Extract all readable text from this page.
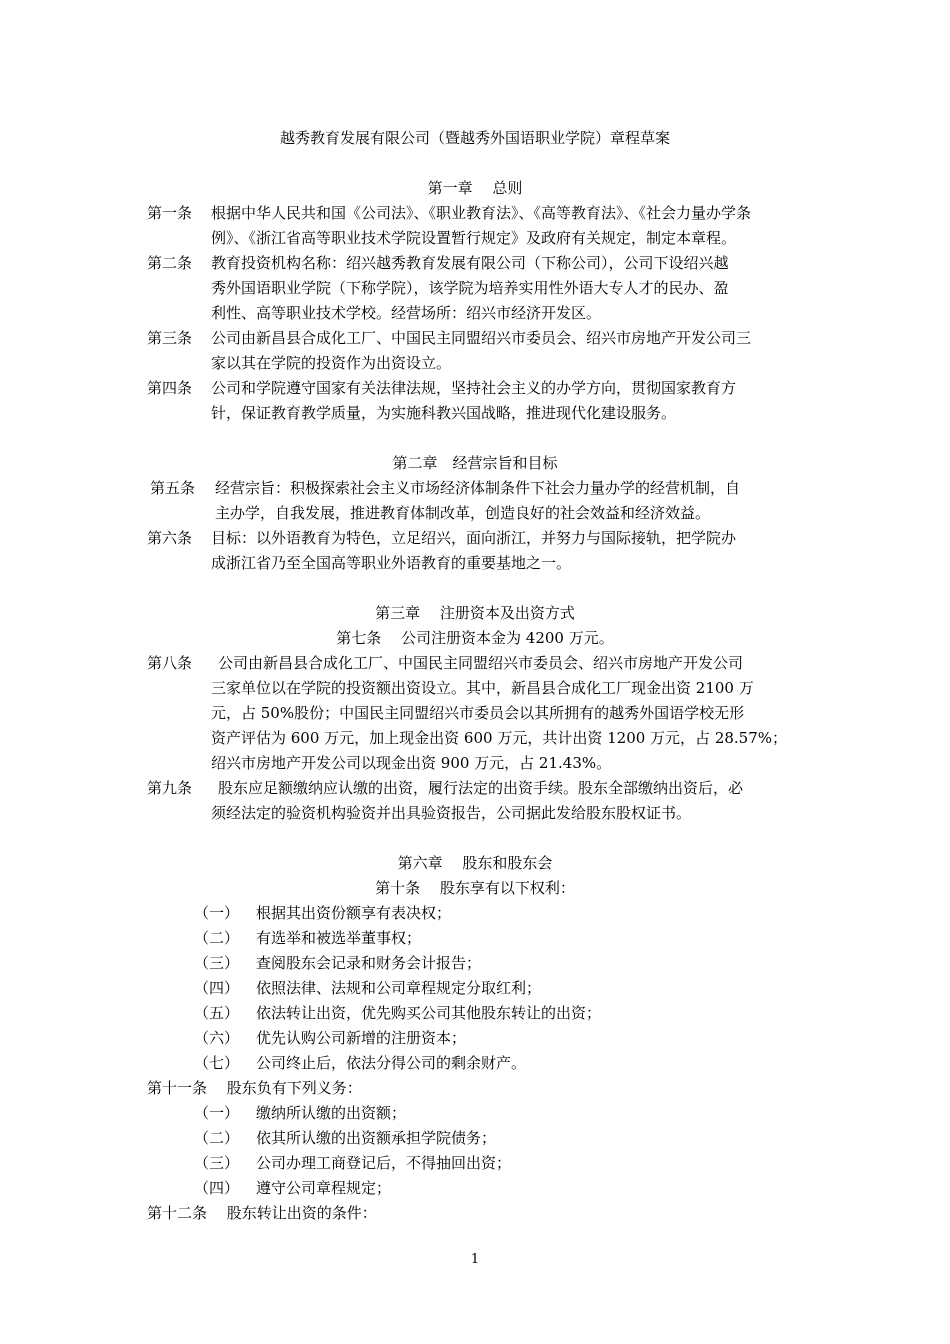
越秀教育发展有限公司（暨越秀外国语职业学院）章程草案
第一章　 总则
第一条 根据中华人民共和国《公司法》、《职业教育法》、《高等教育法》、《社会力量办学条
例》、《浙江省高等职业技术学院设置暂行规定》及政府有关规定，制定本章程。
第二条 教育投资机构名称：绍兴越秀教育发展有限公司（下称公司），公司下设绍兴越
秀外国语职业学院（下称学院），该学院为培养实用性外语大专人才的民办、盈
利性、高等职业技术学校。经营场所：绍兴市经济开发区。
第三条 公司由新昌县合成化工厂、中国民主同盟绍兴市委员会、绍兴市房地产开发公司三
家以其在学院的投资作为出资设立。
第四条 公司和学院遵守国家有关法律法规，坚持社会主义的办学方向，贯彻国家教育方
针，保证教育教学质量，为实施科教兴国战略，推进现代化建设服务。
第二章　经营宗旨和目标
第五条 经营宗旨：积极探索社会主义市场经济体制条件下社会力量办学的经营机制，自
主办学，自我发展，推进教育体制改革，创造良好的社会效益和经济效益。
第六条 目标：以外语教育为特色，立足绍兴，面向浙江，并努力与国际接轨，把学院办
成浙江省乃至全国高等职业外语教育的重要基地之一。
第三章　 注册资本及出资方式
第七条　 公司注册资本金为 4200 万元。
第八条 公司由新昌县合成化工厂、中国民主同盟绍兴市委员会、绍兴市房地产开发公司
三家单位以在学院的投资额出资设立。其中，新昌县合成化工厂现金出资 2100 万
元，占 50%股份；中国民主同盟绍兴市委员会以其所拥有的越秀外国语学校无形
资产评估为 600 万元，加上现金出资 600 万元，共计出资 1200 万元，占 28.57%；
绍兴市房地产开发公司以现金出资 900 万元，占 21.43%。
第九条 股东应足额缴纳应认缴的出资，履行法定的出资手续。股东全部缴纳出资后，必
须经法定的验资机构验资并出具验资报告，公司据此发给股东股权证书。
第六章　 股东和股东会
第十条　 股东享有以下权利：
（一） 根据其出资份额享有表决权；
（二） 有选举和被选举董事权；
（三） 查阅股东会记录和财务会计报告；
（四） 依照法律、法规和公司章程规定分取红利；
（五） 依法转让出资，优先购买公司其他股东转让的出资；
（六） 优先认购公司新增的注册资本；
（七） 公司终止后，依法分得公司的剩余财产。
第十一条　 股东负有下列义务：
（一） 缴纳所认缴的出资额；
（二） 依其所认缴的出资额承担学院债务；
（三） 公司办理工商登记后，不得抽回出资；
（四） 遵守公司章程规定；
第十二条　 股东转让出资的条件：
1
